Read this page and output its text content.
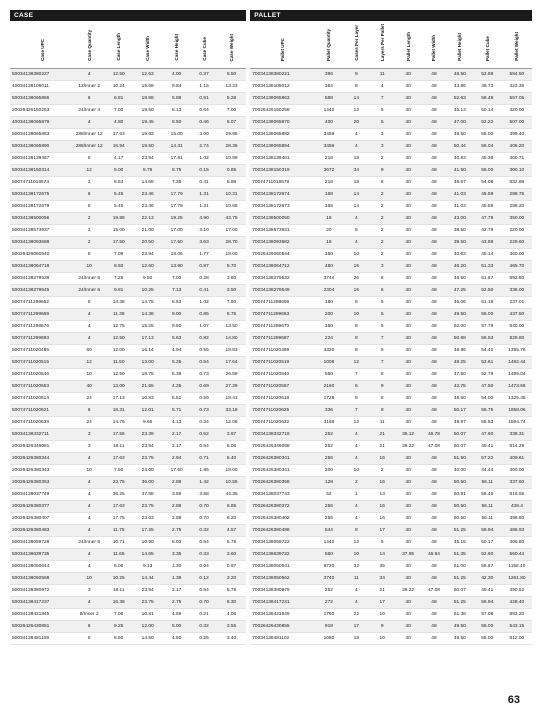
CASE								PALLET								
Case UPC	Case Quantity	Case Length	Case Width	Case Height	Case Cube	Case Weight		Pallet UPC	Pallet Quantity	Cases Per Layer	Layers Per Pallet	Pallet Length	Pallet Width	Pallet Height	Pallet Cube	Pallet Weight
50034138380227	4	12.50	12.63	4.00	0.37	5.50		70034138380221	396	9	11	40	48	48.50	53.89	584.50
40034138106011	12/Inner 2	10.24	19.69	9.84	1.15	13.23		70034138106012	384	8	4	40	48	43.86	48.73	423.36
50034138065866	6	6.81	18.88	6.88	0.51	5.28		70034138065863	588	14	7	40	48	52.63	58.48	557.05
20026426150253	24/Inner 4	7.00	19.50	8.13	0.64	7.00		70026426150258	1440	12	5	40	48	45.13	50.14	420.00
40034138065879	4	4.80	19.45	8.50	0.46	5.07		70034138065870	400	20	5	40	48	47.00	52.22	507.00
50034138065883	288/Inner 12	17.63	19.63	15.00	3.00	29.95		70034138065882	3456	4	3	40	48	49.50	55.00	399.40
50034138065890	288/Inner 12	16.94	19.50	14.31	2.74	28.35		70034138065894	3456	4	3	40	48	50.44	56.04	405.20
50034138139467	6	4.17	23.54	17.91	1.02	10.99		70034138139461	216	18	2	40	48	40.83	45.36	460.71
50034138150314	12	5.00	5.75	8.75	0.15	0.85		70034138150319	3672	34	9	40	48	41.50	55.00	300.10
50074711018574	2	6.54	14.68	7.35	0.41	5.86		70074711018578	216	18	6	40	48	48.67	54.08	632.86
50034138172675	6	5.45	23.46	17.79	1.31	10.31		70034138172674	168	14	2	40	48	41.03	45.59	288.75
50034138172679	6	5.45	23.46	17.79	1.31	10.65		70034138172673	168	14	2	40	48	41.03	45.59	298.20
50034138500056	2	19.88	22.13	19.25	4.90	43.75		70034138500050	16	4	2	40	48	43.00	47.78	350.00
50034138573937	2	15.00	21.00	17.00	3.10	17.00		70034138573931	20	5	2	40	48	38.50	42.78	220.00
50034138093688	2	17.50	20.50	17.50	3.63	28.70		70034138093682	16	4	2	40	48	39.50	43.89	229.60
50026426060540	8	7.09	23.94	18.06	1.77	18.00		70026426060544	160	10	2	40	48	40.63	45.14	360.00
50034138064718	10	8.60	12.60	13.90	0.87	9.70		70034138064712	480	16	3	40	48	46.20	51.33	465.70
50034138279538	24/Inner 6	7.25	9.50	7.00	0.28	3.80		70034138279532	3744	26	6	40	48	46.50	51.67	592.80
50034138279545	24/Inner 6	9.81	10.25	7.13	0.41	3.50		70034138279549	2304	16	6	40	48	47.25	52.50	336.00
50074711299652	6	14.38	14.75	8.63	1.02	7.90		70074711299656	180	6	5	40	48	46.06	51.18	237.01
50074711299669	4	11.38	14.38	9.00	0.85	8.75		70074711299663	200	10	5	40	48	49.50	55.00	437.50
50074711299676	4	12.75	15.25	9.50	1.07	13.50		70074711299670	160	8	5	40	48	52.00	57.78	540.00
50074711299683	4	12.50	17.13	6.63	0.82	14.80		70074711299687	224	8	7	40	48	50.88	56.53	828.80
50074711020485	60	12.00	16.14	4.94	0.55	18.83		70074711020489	4320	8	9	40	48	48.96	54.40	1355.76
50074711020515	12	11.50	13.00	6.25	0.54	17.64		70074711020519	1008	12	7	40	48	48.25	53.61	1482.44
50074711020546	10	12.50	18.75	5.38	0.73	26.59		70074711020540	560	7	8	40	48	47.50	52.78	1489.04
50074711020553	40	13.00	21.65	4.25	0.69	27.29		70074711020557	2160	6	9	40	48	42.75	47.50	1473.66
50074711020614	24	17.13	10.83	5.51	0.59	18.41		70074711020618	1728	9	8	40	48	48.60	54.00	1325.45
50074711020621	6	18.31	12.01	5.71	0.73	33.18		70074711020625	336	7	8	40	48	50.17	55.75	1858.06
50074711020638	24	14.76	9.65	4.13	0.34	12.08		70074711020632	3168	12	11	40	48	49.97	55.53	1594.74
50034138332711	3	17.56	23.39	2.17	0.52	3.97		70034138332718	252	4	21	35.12	46.78	50.07	47.60	338.31
20026426346081	3	18.11	23.54	2.17	0.54	6.06		70026426346088	252	4	21	36.22	47.08	50.07	49.41	514.29
20026426380344	4	17.63	23.75	2.94	0.71	6.40		70026426380341	256	4	16	40	48	51.50	57.22	409.61
20026426380343	10	7.50	24.00	17.50	1.85	18.00		70026426380341	200	10	2	40	48	40.00	44.44	400.00
20026426380353	4	23.75	36.00	2.88	1.42	10.55		70026426380358	128	2	16	40	48	50.50	56.11	337.60
50034138037749	4	36.25	47.88	3.56	3.58	44.35		70034138037743	52	1	13	40	48	50.81	56.46	616.55
20026426380377	4	17.63	23.75	2.88	0.70	6.85		70026426380372	256	4	16	40	48	50.50	56.11	438.4
20026426380407	4	17.75	23.63	2.88	0.70	6.20		70026426380402	256	4	16	40	48	50.50	56.11	396.80
20026426380483	4	11.75	17.25	2.75	0.32	4.57		70026426380488	544	8	17	40	48	51.25	59.94	486.93
50034138059728	24/Inner 6	10.71	10.90	8.03	0.54	6.78		70034138059722	1440	12	5	40	48	45.15	50.17	406.80
50034138639735	4	11.65	14.65	3.35	0.33	3.60		70034138639732	560	10	14	37.95	46.64	51.35	52.60	560.44
50034138050644	4	6.06	9.13	1.30	0.04	0.97		70034138050641	6720	32	35	40	48	51.00	56.67	1156.40
50034138050568	10	10.25	14.44	1.38	0.12	3.20		70034138050562	3740	11	34	40	48	51.25	42.30	1261.80
50034138380972	3	18.11	23.54	2.17	0.54	5.78		70034138380979	252	4	21	36.22	47.08	50.07	49.41	490.52
50034138417237	4	16.38	23.75	2.75	0.70	6.30		70034138417231	272	4	17	40	48	51.25	56.94	428.40
50034138421845	8/Inner 2	7.06	10.81	4.69	0.21	4.06		70034138421849	1760	22	10	40	48	51.38	57.08	893.20
50026426430851	6	9.25	12.00	5.00	0.32	3.55		70026426430855	918	17	9	40	48	49.50	55.00	543.15
50034138481108	6	6.50	14.50	4.50	0.25	3.40		70034138481102	1080	18	10	40	48	49.50	55.00	612.00
63
